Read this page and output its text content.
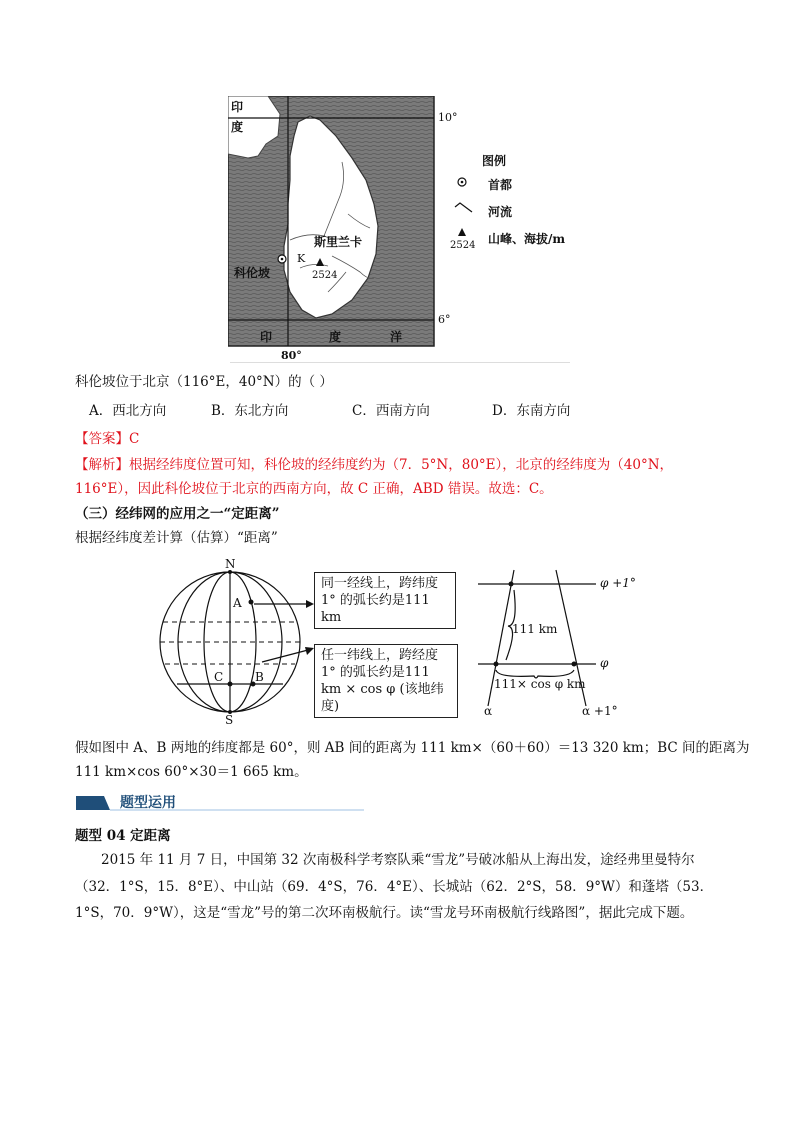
印
度
10°
6°
80°
印	度	洋
斯里兰卡
科伦坡
K
2524
图例
首都
河流
山峰、海拔/m
2524
科伦坡位于北京（116°E，40°N）的（ ）
A．西北方向	B．东北方向	C．西南方向	D．东南方向
【答案】C
【解析】根据经纬度位置可知，科伦坡的经纬度约为（7．5°N，80°E），北京的经纬度为（40°N，
116°E），因此科伦坡位于北京的西南方向，故 C 正确，ABD 错误。故选：C。
（三）经纬网的应用之一“定距离”
根据经纬度差计算（估算）“距离”
N
S
A
C	B
同一经线上，跨纬度1° 的弧长约是111 km
任一纬线上，跨经度1° 的弧长约是111 km × cos φ (该地纬度)
φ +1°
φ
111 km
111× cos φ km
α	α +1°
假如图中 A、B 两地的纬度都是 60°，则 AB 间的距离为 111 km×（60＋60）＝13 320 km；BC 间的距离为
111 km×cos 60°×30＝1 665 km。
题型运用
题型 04 定距离
2015 年 11 月 7 日，中国第 32 次南极科学考察队乘“雪龙”号破冰船从上海出发，途经弗里曼特尔
（32．1°S，15．8°E）、中山站（69．4°S，76．4°E）、长城站（62．2°S，58．9°W）和蓬塔（53．
1°S，70．9°W），这是“雪龙”号的第二次环南极航行。读“雪龙号环南极航行线路图”，据此完成下题。
